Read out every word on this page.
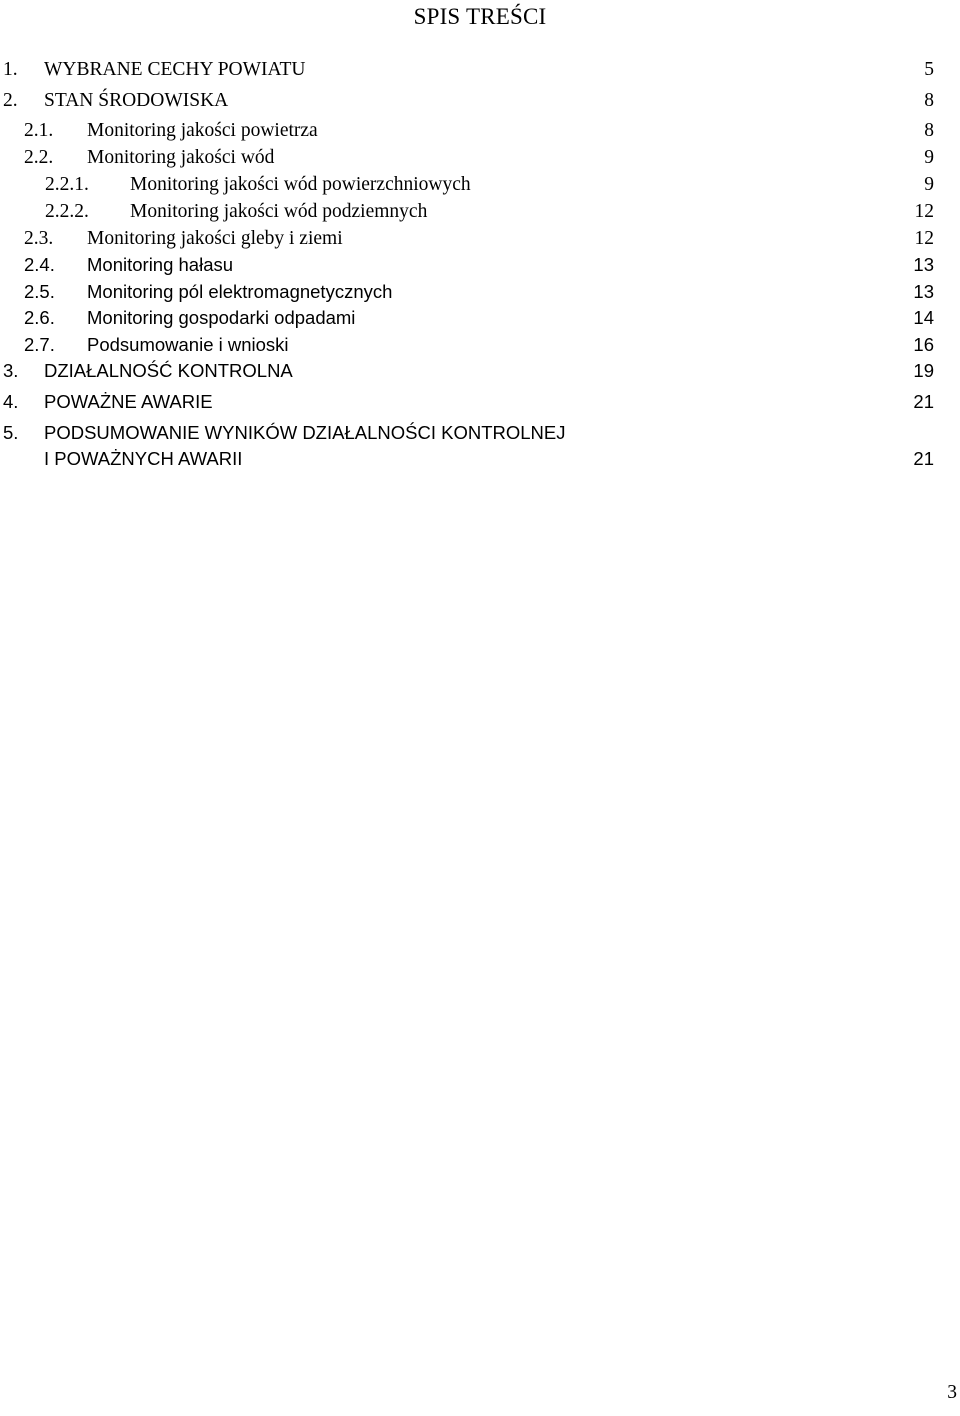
SPIS TREŚCI
1. WYBRANE CECHY POWIATU	5
2. STAN ŚRODOWISKA	8
2.1. Monitoring jakości powietrza	8
2.2. Monitoring jakości wód	9
2.2.1. Monitoring jakości wód powierzchniowych	9
2.2.2. Monitoring jakości wód podziemnych	12
2.3. Monitoring jakości gleby i ziemi	12
2.4. Monitoring hałasu	13
2.5. Monitoring pól elektromagnetycznych	13
2.6. Monitoring gospodarki odpadami	14
2.7. Podsumowanie i wnioski	16
3. DZIAŁALNOŚĆ KONTROLNA	19
4. POWAŻNE AWARIE	21
5. PODSUMOWANIE WYNIKÓW DZIAŁALNOŚCI KONTROLNEJ
I POWAŻNYCH AWARII	21
3
